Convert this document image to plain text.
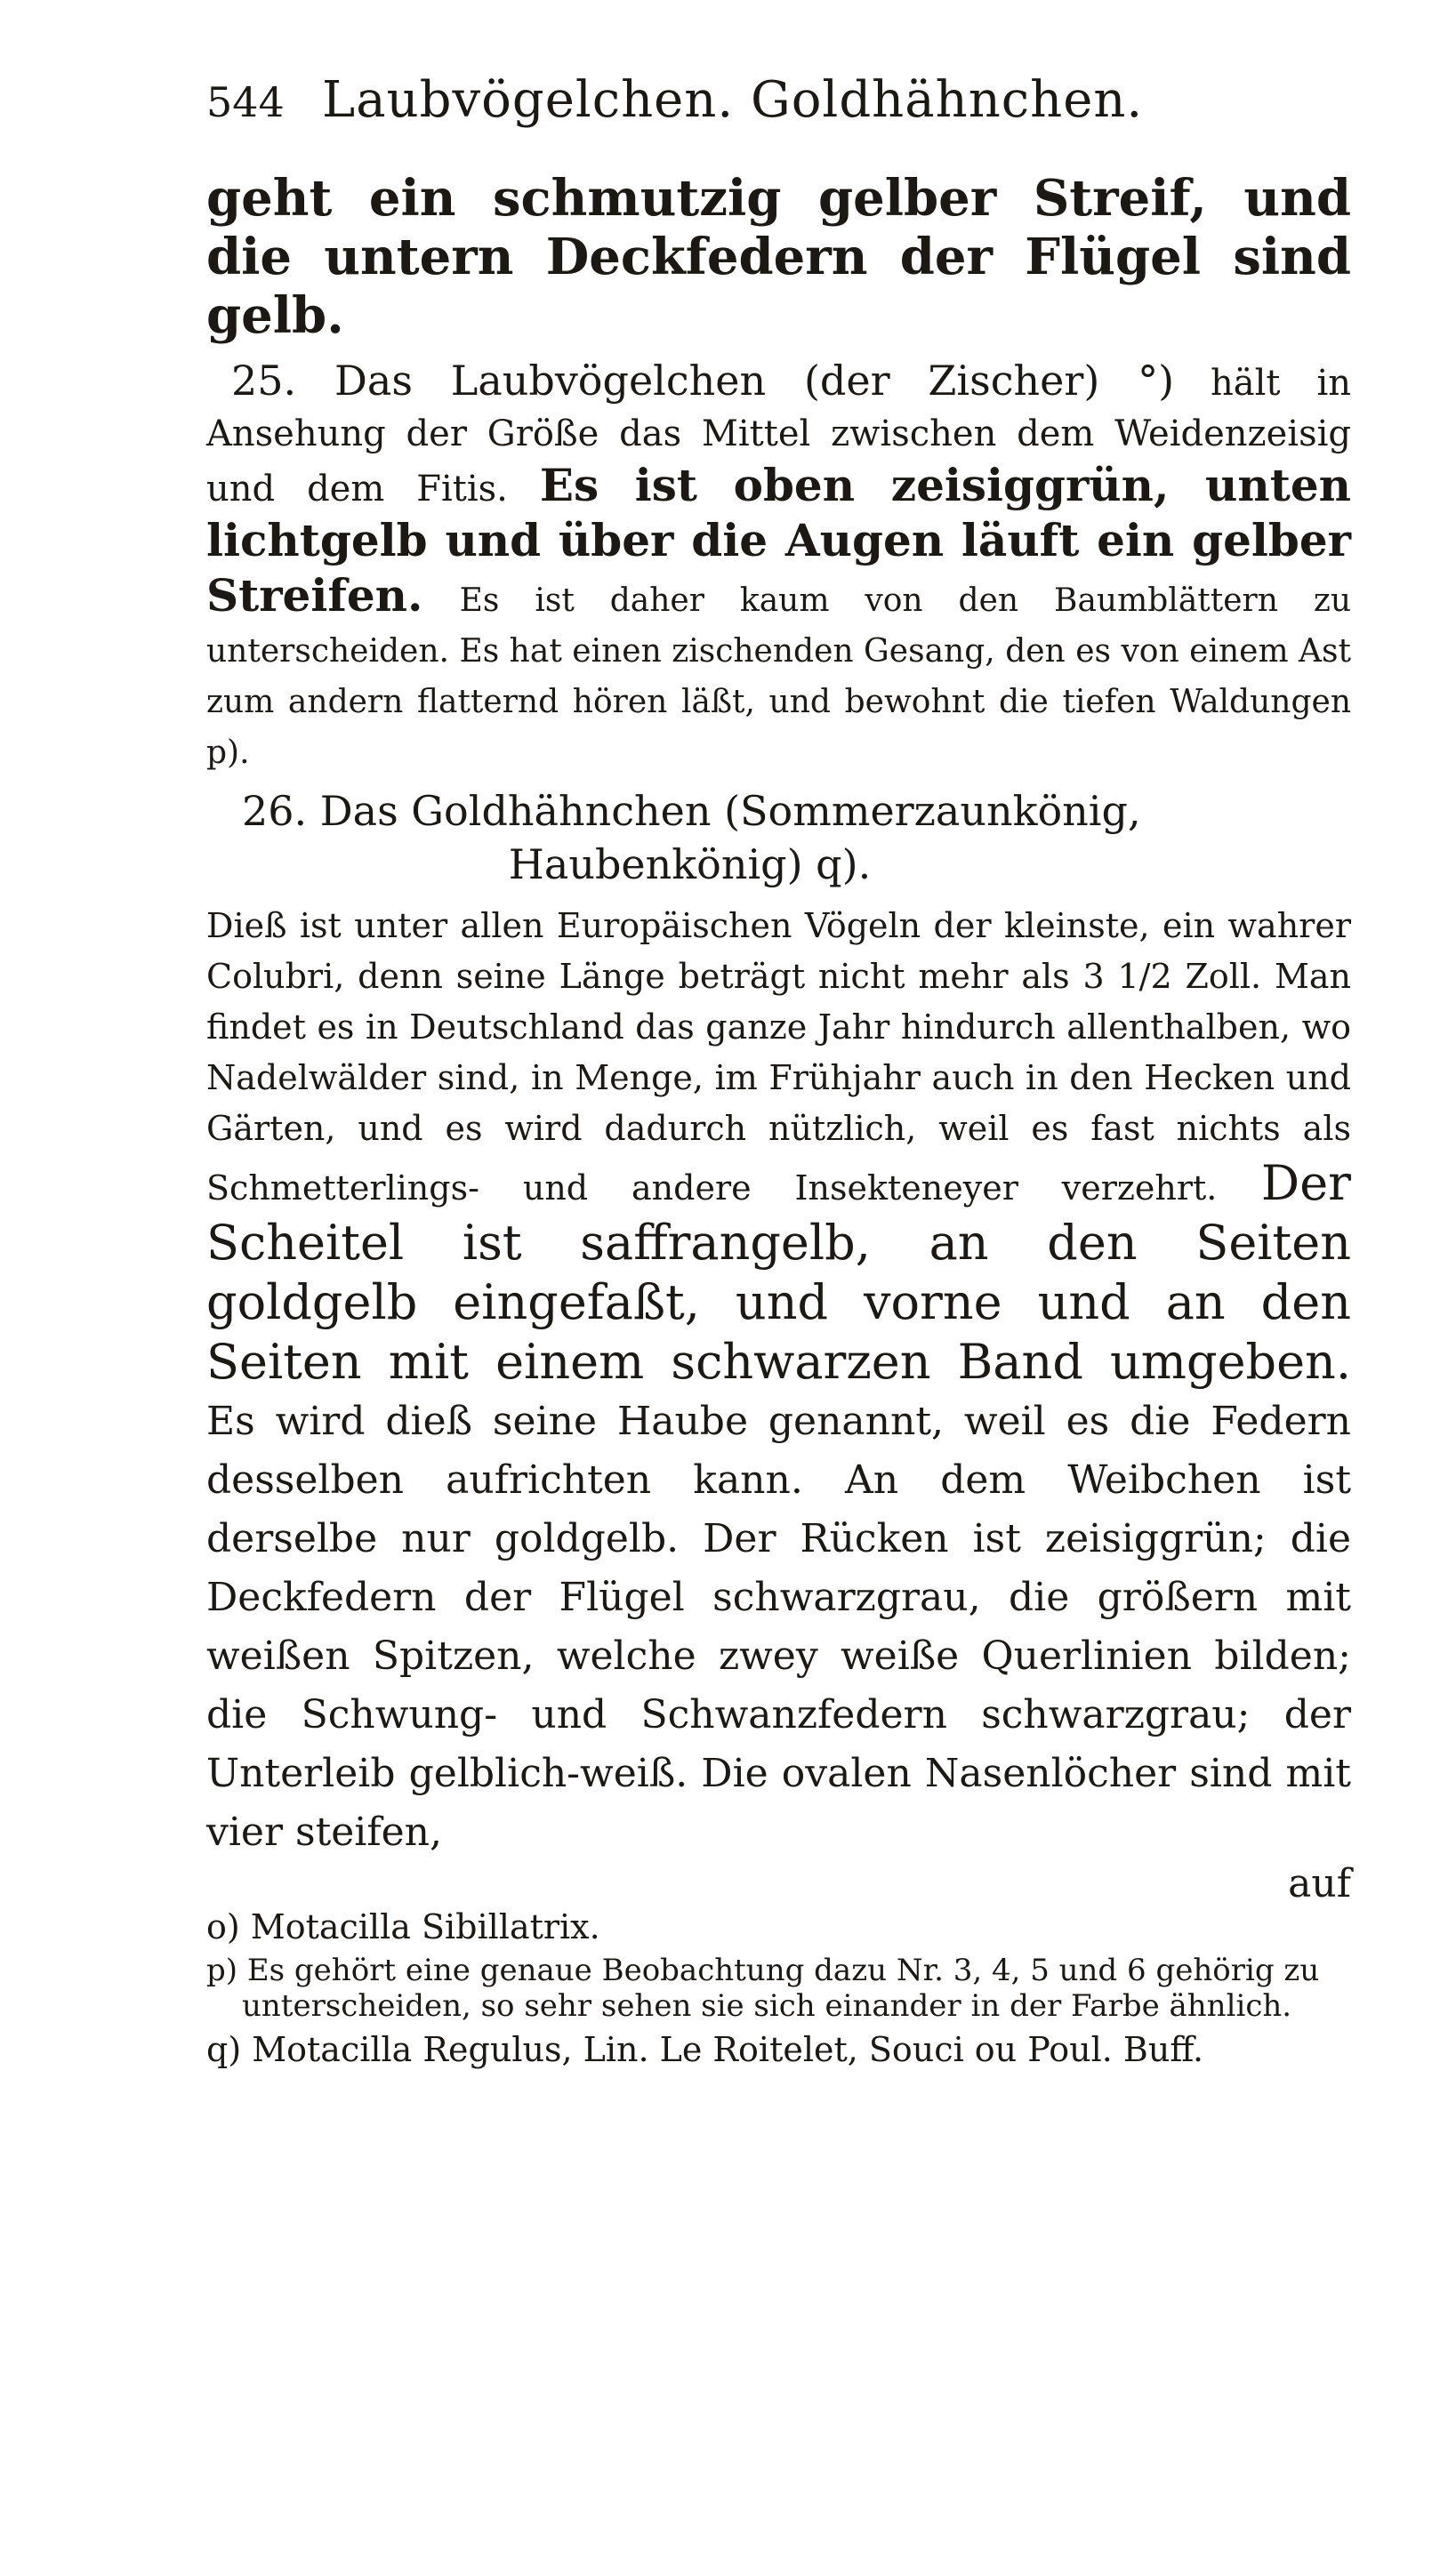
544 Laubvögelchen. Goldhähnchen.

geht ein schmutzig gelber Streif, und die untern Deckfedern der Flügel sind gelb.

25. Das Laubvögelchen (der Zischer) °) hält in Ansehung der Größe das Mittel zwischen dem Weidenzeisig und dem Fitis. Es ist oben zeisiggrün, unten lichtgelb und über die Augen läuft ein gelber Streifen. Es ist daher kaum von den Baumblättern zu unterscheiden. Es hat einen zischenden Gesang, den es von einem Ast zum andern flatternd hören läßt, und bewohnt die tiefen Waldungen p).

26. Das Goldhähnchen (Sommerzaunkönig,
Haubenkönig) q).
Dieß ist unter allen Europäischen Vögeln der kleinste, ein wahrer Colubri, denn seine Länge beträgt nicht mehr als 3 1/2 Zoll. Man findet es in Deutschland das ganze Jahr hindurch allenthalben, wo Nadelwälder sind, in Menge, im Frühjahr auch in den Hecken und Gärten, und es wird dadurch nützlich, weil es fast nichts als Schmetterlings- und andere Insekteneyer verzehrt. Der Scheitel ist saffrangelb, an den Seiten goldgelb eingefaßt, und vorne und an den Seiten mit einem schwarzen Band umgeben. Es wird dieß seine Haube genannt, weil es die Federn desselben aufrichten kann. An dem Weibchen ist derselbe nur goldgelb. Der Rücken ist zeisiggrün; die Deckfedern der Flügel schwarzgrau, die größern mit weißen Spitzen, welche zwey weiße Querlinien bilden; die Schwung- und Schwanzfedern schwarzgrau; der Unterleib gelblich-weiß. Die ovalen Nasenlöcher sind mit vier steifen,

auf

o) Motacilla Sibillatrix.

p) Es gehört eine genaue Beobachtung dazu Nr. 3, 4, 5 und 6 gehörig zu unterscheiden, so sehr sehen sie sich einander in der Farbe ähnlich.

q) Motacilla Regulus, Lin. Le Roitelet, Souci ou Poul. Buff.
